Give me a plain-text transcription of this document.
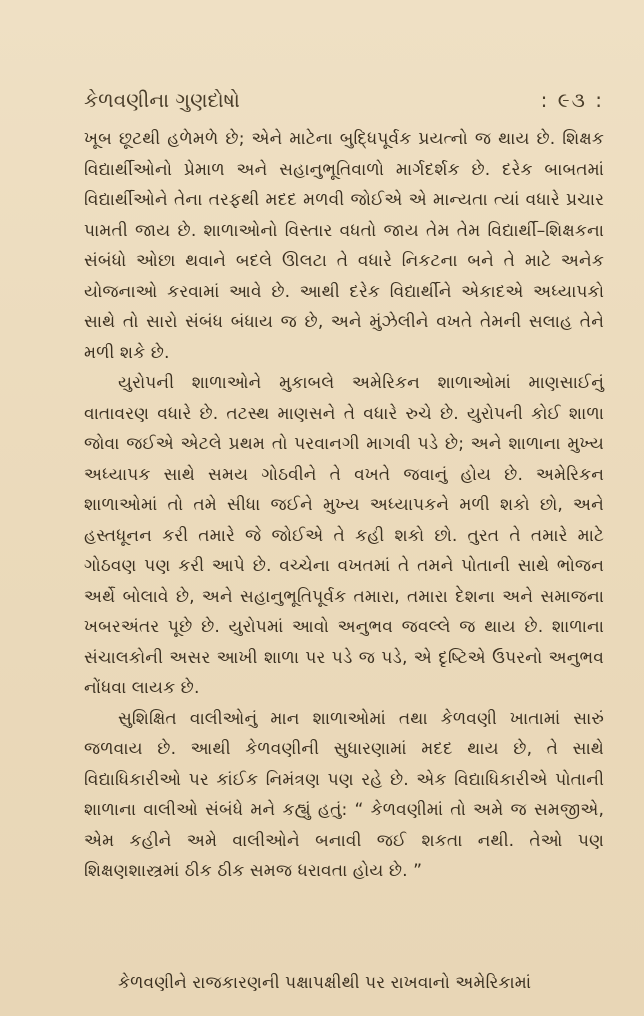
કેળવણીના ગુણદોષો	: ૯૩ :

ખૂબ છૂટથી હળેમળે છે; એને માટેના બુદ્ધિપૂર્વક પ્રયત્નો જ થાય છે. શિક્ષક વિદ્યાર્થીઓનો પ્રેમાળ અને સહાનુભૂતિવાળો માર્ગદર્શક છે. દરેક બાબતમાં વિદ્યાર્થીઓને તેના તરફથી મદદ મળવી જોઈએ એ માન્યતા ત્યાં વધારે પ્રચાર પામતી જાય છે. શાળાઓનો વિસ્તાર વધતો જાય તેમ તેમ વિદ્યાર્થી–શિક્ષકના સંબંધો ઓછા થવાને બદલે ઊલટા તે વધારે નિકટના બને તે માટે અનેક યોજનાઓ કરવામાં આવે છે. આથી દરેક વિદ્યાર્થીને એકાદએ અધ્યાપકો સાથે તો સારો સંબંધ બંધાય જ છે, અને મુંઝેલીને વખતે તેમની સલાહ તેને મળી શકે છે.

યુરોપની શાળાઓને મુકાબલે અમેરિકન શાળાઓમાં માણસાઈનું વાતાવરણ વધારે છે. તટસ્થ માણસને તે વધારે રુચે છે. યુરોપની કોઈ શાળા જોવા જઈએ એટલે પ્રથમ તો પરવાનગી માગવી પડે છે; અને શાળાના મુખ્ય અધ્યાપક સાથે સમય ગોઠવીને તે વખતે જવાનું હોય છે. અમેરિકન શાળાઓમાં તો તમે સીધા જઈને મુખ્ય અધ્યાપકને મળી શકો છો, અને હસ્તધૂનન કરી તમારે જે જોઈએ તે કહી શકો છો. તુરત તે તમારે માટે ગોઠવણ પણ કરી આપે છે. વચ્ચેના વખતમાં તે તમને પોતાની સાથે ભોજન અર્થે બોલાવે છે, અને સહાનુભૂતિપૂર્વક તમારા, તમારા દેશના અને સમાજના ખબરઅંતર પૂછે છે. યુરોપમાં આવો અનુભવ જવલ્લે જ થાય છે. શાળાના સંચાલકોની અસર આખી શાળા પર પડે જ પડે, એ દૃષ્ટિએ ઉપરનો અનુભવ નોંધવા લાયક છે.

સુશિક્ષિત વાલીઓનું માન શાળાઓમાં તથા કેળવણી ખાતામાં સારું જળવાય છે. આથી કેળવણીની સુધારણામાં મદદ થાય છે, તે સાથે વિદ્યાધિકારીઓ પર કાંઈક નિમંત્રણ પણ રહે છે. એક વિદ્યાધિકારીએ પોતાની શાળાના વાલીઓ સંબંધે મને કહ્યું હતું: “ કેળવણીમાં તો અમે જ સમજીએ, એમ કહીને અમે વાલીઓને બનાવી જઈ શકતા નથી. તેઓ પણ શિક્ષણશાસ્ત્રમાં ઠીક ઠીક સમજ ધરાવતા હોય છે. ”

કેળવણીને રાજકારણની પક્ષાપક્ષીથી પર રાખવાનો અમેરિકામાં
